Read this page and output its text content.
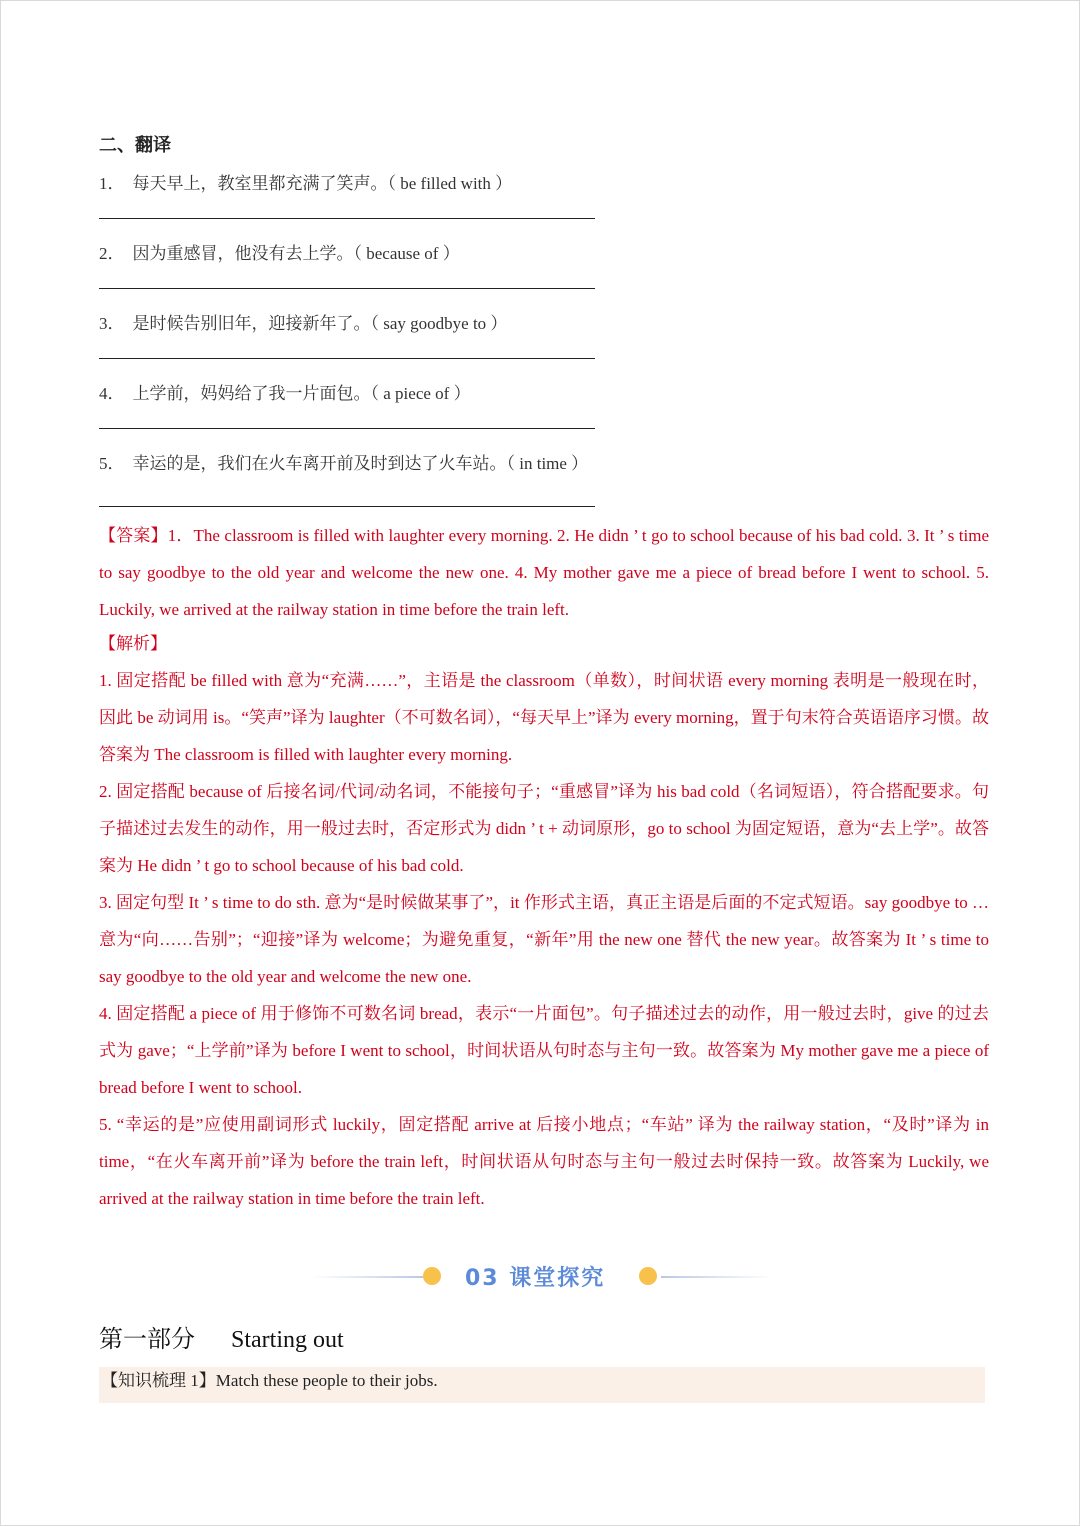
二、翻译
1． 每天早上，教室里都充满了笑声。（ be filled with ）
2． 因为重感冒，他没有去上学。（ because of ）
3． 是时候告别旧年，迎接新年了。（ say goodbye to ）
4． 上学前，妈妈给了我一片面包。（ a piece of ）
5． 幸运的是，我们在火车离开前及时到达了火车站。（ in time ）

【答案】1．The classroom is filled with laughter every morning. 2. He didn ’ t go to school because of his bad cold. 3. It ’ s time to say goodbye to the old year and welcome the new one. 4. My mother gave me a piece of bread before I went to school. 5. Luckily, we arrived at the railway station in time before the train left.

【解析】

1. 固定搭配 be filled with 意为“充满……”，主语是 the classroom（单数），时间状语 every morning 表明是一般现在时，因此 be 动词用 is。“笑声”译为 laughter（不可数名词），“每天早上”译为 every morning，置于句末符合英语语序习惯。故答案为 The classroom is filled with laughter every morning.

2. 固定搭配 because of 后接名词/代词/动名词，不能接句子；“重感冒”译为 his bad cold（名词短语），符合搭配要求。句子描述过去发生的动作，用一般过去时，否定形式为 didn ’ t + 动词原形，go to school 为固定短语，意为“去上学”。故答案为 He didn ’ t go to school because of his bad cold.

3. 固定句型 It ’ s time to do sth. 意为“是时候做某事了”，it 作形式主语，真正主语是后面的不定式短语。say goodbye to … 意为“向……告别”；“迎接”译为 welcome；为避免重复，“新年”用 the new one 替代 the new year。故答案为 It ’ s time to say goodbye to the old year and welcome the new one.

4. 固定搭配 a piece of 用于修饰不可数名词 bread，表示“一片面包”。句子描述过去的动作，用一般过去时，give 的过去式为 gave；“上学前”译为 before I went to school，时间状语从句时态与主句一致。故答案为 My mother gave me a piece of bread before I went to school.

5. “幸运的是”应使用副词形式 luckily，固定搭配 arrive at 后接小地点；“车站” 译为 the railway station，“及时”译为 in time，“在火车离开前”译为 before the train left，时间状语从句时态与主句一般过去时保持一致。故答案为 Luckily, we arrived at the railway station in time before the train left.

03 课堂探究
第一部分 Starting out
【知识梳理 1】Match these people to their jobs.
